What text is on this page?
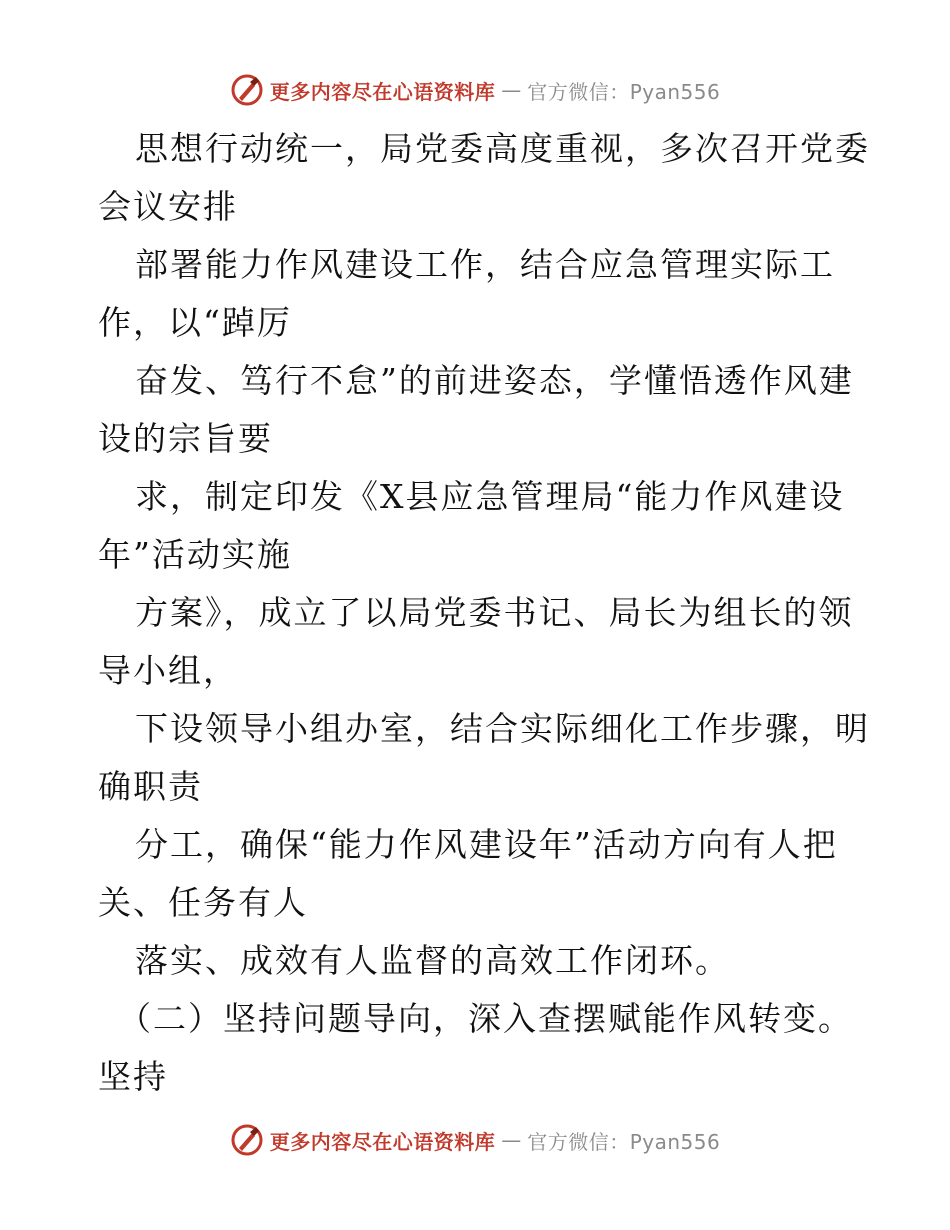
更多内容尽在心语资料库 — 官方微信：Pyan556
思想行动统一，局党委高度重视，多次召开党委
会议安排
部署能力作风建设工作，结合应急管理实际工
作，以“踔厉
奋发、笃行不怠”的前进姿态，学懂悟透作风建
设的宗旨要
求，制定印发《X县应急管理局“能力作风建设
年”活动实施
方案》，成立了以局党委书记、局长为组长的领
导小组，
下设领导小组办室，结合实际细化工作步骤，明
确职责
分工，确保“能力作风建设年”活动方向有人把
关、任务有人
落实、成效有人监督的高效工作闭环。
（二）坚持问题导向，深入查摆赋能作风转变。
坚持
更多内容尽在心语资料库 — 官方微信：Pyan556
